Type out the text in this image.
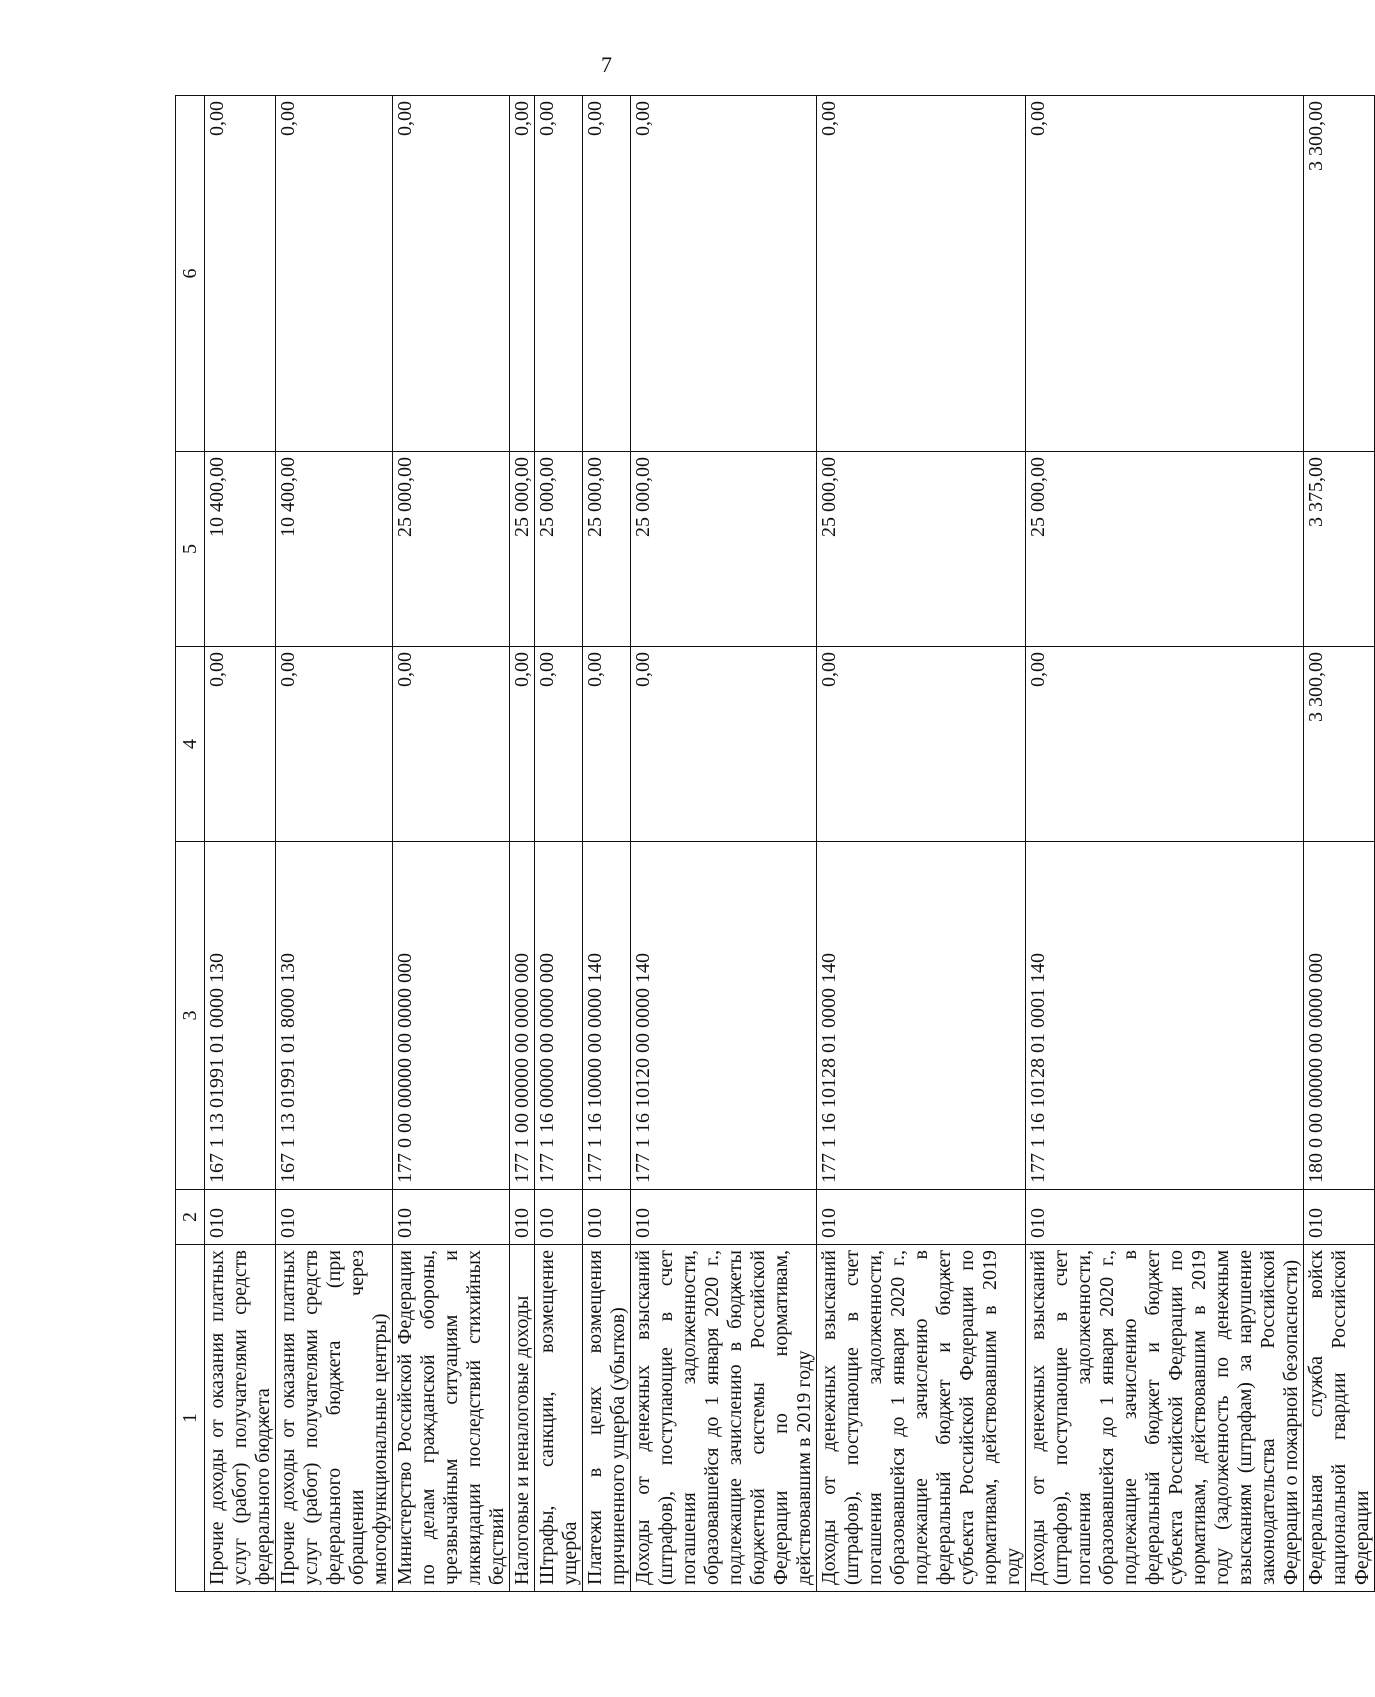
7
1	2	3	4	5	6
Прочие доходы от оказания платных услуг (работ) получателями средств федерального бюджета	010	167 1 13 01991 01 0000 130	0,00	10 400,00	0,00
Прочие доходы от оказания платных услуг (работ) получателями средств федерального бюджета (при обращении через многофункциональные центры)	010	167 1 13 01991 01 8000 130	0,00	10 400,00	0,00
Министерство Российской Федерации по делам гражданской обороны, чрезвычайным ситуациям и ликвидации последствий стихийных бедствий	010	177 0 00 00000 00 0000 000	0,00	25 000,00	0,00
Налоговые и неналоговые доходы	010	177 1 00 00000 00 0000 000	0,00	25 000,00	0,00
Штрафы, санкции, возмещение ущерба	010	177 1 16 00000 00 0000 000	0,00	25 000,00	0,00
Платежи в целях возмещения причиненного ущерба (убытков)	010	177 1 16 10000 00 0000 140	0,00	25 000,00	0,00
Доходы от денежных взысканий (штрафов), поступающие в счет погашения задолженности, образовавшейся до 1 января 2020 г., подлежащие зачислению в бюджеты бюджетной системы Российской Федерации по нормативам, действовавшим в 2019 году	010	177 1 16 10120 00 0000 140	0,00	25 000,00	0,00
Доходы от денежных взысканий (штрафов), поступающие в счет погашения задолженности, образовавшейся до 1 января 2020 г., подлежащие зачислению в федеральный бюджет и бюджет субъекта Российской Федерации по нормативам, действовавшим в 2019 году	010	177 1 16 10128 01 0000 140	0,00	25 000,00	0,00
Доходы от денежных взысканий (штрафов), поступающие в счет погашения задолженности, образовавшейся до 1 января 2020 г., подлежащие зачислению в федеральный бюджет и бюджет субъекта Российской Федерации по нормативам, действовавшим в 2019 году (задолженность по денежным взысканиям (штрафам) за нарушение законодательства Российской Федерации о пожарной безопасности)	010	177 1 16 10128 01 0001 140	0,00	25 000,00	0,00
Федеральная служба войск национальной гвардии Российской Федерации	010	180 0 00 00000 00 0000 000	3 300,00	3 375,00	3 300,00
